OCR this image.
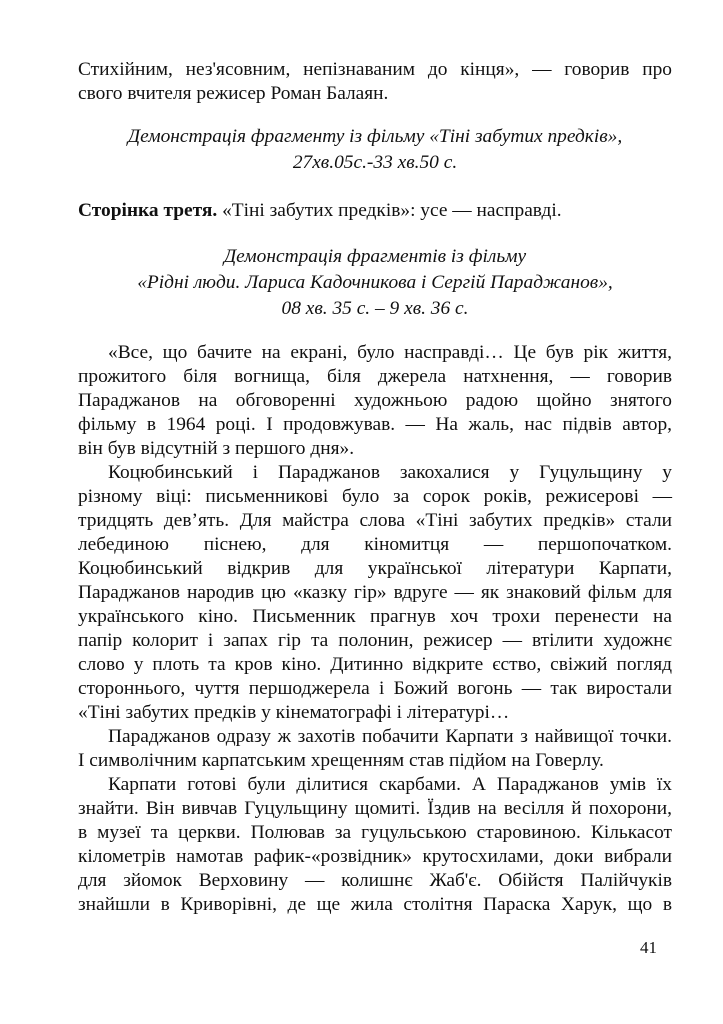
Стихійним, нез'ясовним, непізнаваним до кінця», — говорив про
свого вчителя режисер Роман Балаян.
Демонстрація фрагменту із фільму «Тіні забутих предків»,
27хв.05с.-33 хв.50 с.
Сторінка третя. «Тіні забутих предків»: усе — насправді.
Демонстрація фрагментів із фільму
«Рідні люди. Лариса Кадочникова і Сергій Параджанов»,
08 хв. 35 с. – 9 хв. 36 с.
«Все, що бачите на екрані, було насправді… Це був рік життя,
прожитого біля вогнища, біля джерела натхнення, — говорив
Параджанов на обговоренні художньою радою щойно знятого
фільму в 1964 році. І продовжував. — На жаль, нас підвів автор,
він був відсутній з першого дня».
Коцюбинський і Параджанов закохалися у Гуцульщину у
різному віці: письменникові було за сорок років, режисерові —
тридцять дев’ять. Для майстра слова «Тіні забутих предків» стали
лебединою піснею, для кіномитця — першопочатком.
Коцюбинський відкрив для української літератури Карпати,
Параджанов народив цю «казку гір» вдруге — як знаковий фільм для
українського кіно. Письменник прагнув хоч трохи перенести на
папір колорит і запах гір та полонин, режисер — втілити художнє
слово у плоть та кров кіно. Дитинно відкрите єство, свіжий погляд
стороннього, чуття першоджерела і Божий вогонь — так виростали
«Тіні забутих предків у кінематографі і літературі…
Параджанов одразу ж захотів побачити Карпати з найвищої точки.
І символічним карпатським хрещенням став підйом на Говерлу.
Карпати готові були ділитися скарбами. А Параджанов умів їх
знайти. Він вивчав Гуцульщину щомиті. Їздив на весілля й похорони,
в музеї та церкви. Полював за гуцульською старовиною. Кількасот
кілометрів намотав рафик-«розвідник» крутосхилами, доки вибрали
для зйомок Верховину — колишнє Жаб'є. Обійстя Палійчуків
знайшли в Криворівні, де ще жила столітня Параска Харук, що в
41
